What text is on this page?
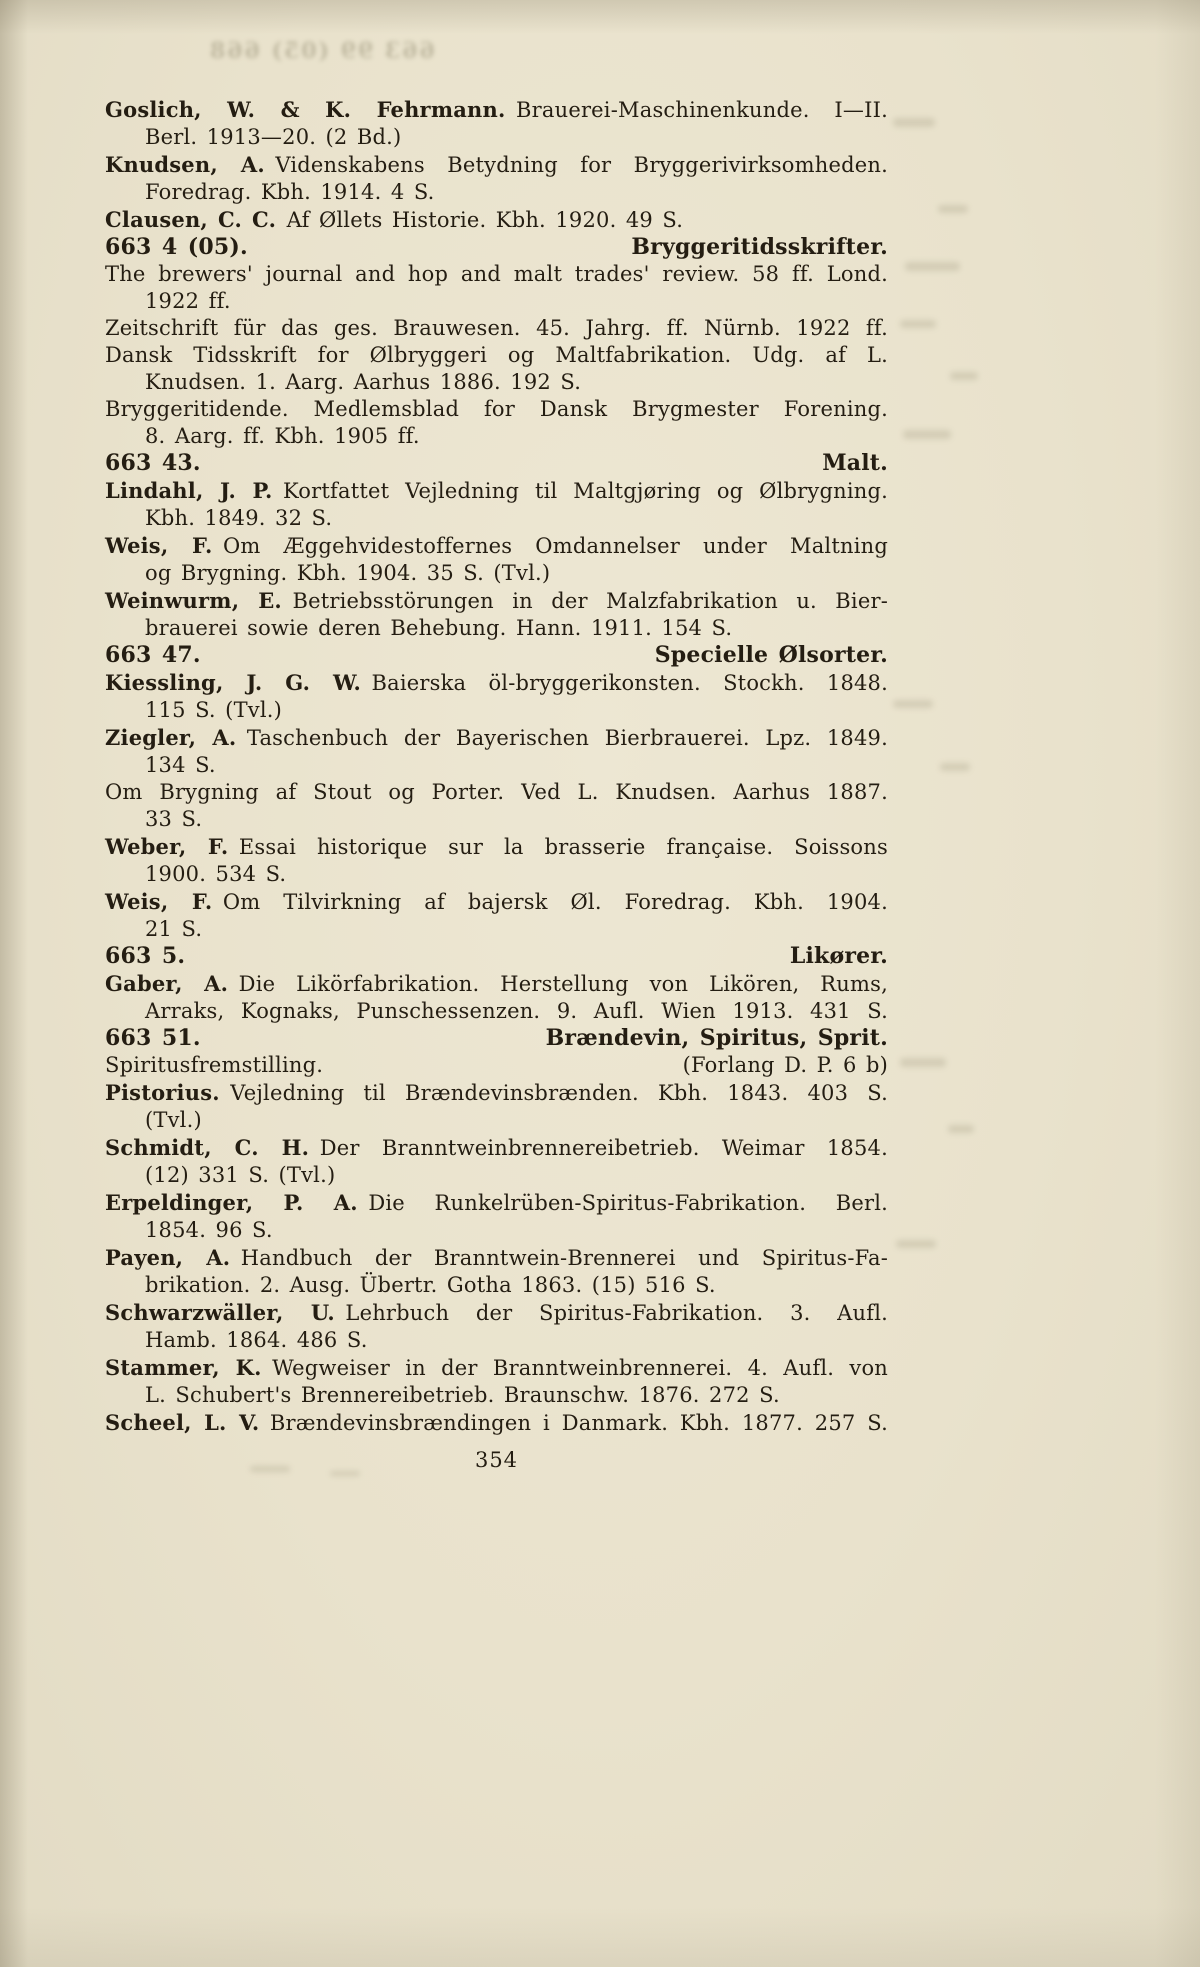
663 99 (05) 668
Goslich, W. & K. Fehrmann. Brauerei-Maschinenkunde. I—II.
Berl. 1913—20. (2 Bd.)
Knudsen, A. Videnskabens Betydning for Bryggerivirksomheden.
Foredrag. Kbh. 1914. 4 S.
Clausen, C. C. Af Øllets Historie. Kbh. 1920. 49 S.
663 4 (05).	Bryggeritidsskrifter.
The brewers' journal and hop and malt trades' review. 58 ff. Lond.
1922 ff.
Zeitschrift für das ges. Brauwesen. 45. Jahrg. ff. Nürnb. 1922 ff.
Dansk Tidsskrift for Ølbryggeri og Maltfabrikation. Udg. af L.
Knudsen. 1. Aarg. Aarhus 1886. 192 S.
Bryggeritidende. Medlemsblad for Dansk Brygmester Forening.
8. Aarg. ff. Kbh. 1905 ff.
663 43.	Malt.
Lindahl, J. P. Kortfattet Vejledning til Maltgjøring og Ølbrygning.
Kbh. 1849. 32 S.
Weis, F. Om Æggehvidestoffernes Omdannelser under Maltning
og Brygning. Kbh. 1904. 35 S. (Tvl.)
Weinwurm, E. Betriebsstörungen in der Malzfabrikation u. Bier-
brauerei sowie deren Behebung. Hann. 1911. 154 S.
663 47.	Specielle Ølsorter.
Kiessling, J. G. W. Baierska öl-bryggerikonsten. Stockh. 1848.
115 S. (Tvl.)
Ziegler, A. Taschenbuch der Bayerischen Bierbrauerei. Lpz. 1849.
134 S.
Om Brygning af Stout og Porter. Ved L. Knudsen. Aarhus 1887.
33 S.
Weber, F. Essai historique sur la brasserie française. Soissons
1900. 534 S.
Weis, F. Om Tilvirkning af bajersk Øl. Foredrag. Kbh. 1904.
21 S.
663 5.	Likører.
Gaber, A. Die Likörfabrikation. Herstellung von Likören, Rums,
Arraks, Kognaks, Punschessenzen. 9. Aufl. Wien 1913. 431 S.
663 51.	Brændevin, Spiritus, Sprit.
Spiritusfremstilling.	(Forlang D. P. 6 b)
Pistorius. Vejledning til Brændevinsbrænden. Kbh. 1843. 403 S.
(Tvl.)
Schmidt, C. H. Der Branntweinbrennereibetrieb. Weimar 1854.
(12) 331 S. (Tvl.)
Erpeldinger, P. A. Die Runkelrüben-Spiritus-Fabrikation. Berl.
1854. 96 S.
Payen, A. Handbuch der Branntwein-Brennerei und Spiritus-Fa-
brikation. 2. Ausg. Übertr. Gotha 1863. (15) 516 S.
Schwarzwäller, U. Lehrbuch der Spiritus-Fabrikation. 3. Aufl.
Hamb. 1864. 486 S.
Stammer, K. Wegweiser in der Branntweinbrennerei. 4. Aufl. von
L. Schubert's Brennereibetrieb. Braunschw. 1876. 272 S.
Scheel, L. V. Brændevinsbrændingen i Danmark. Kbh. 1877. 257 S.
354
